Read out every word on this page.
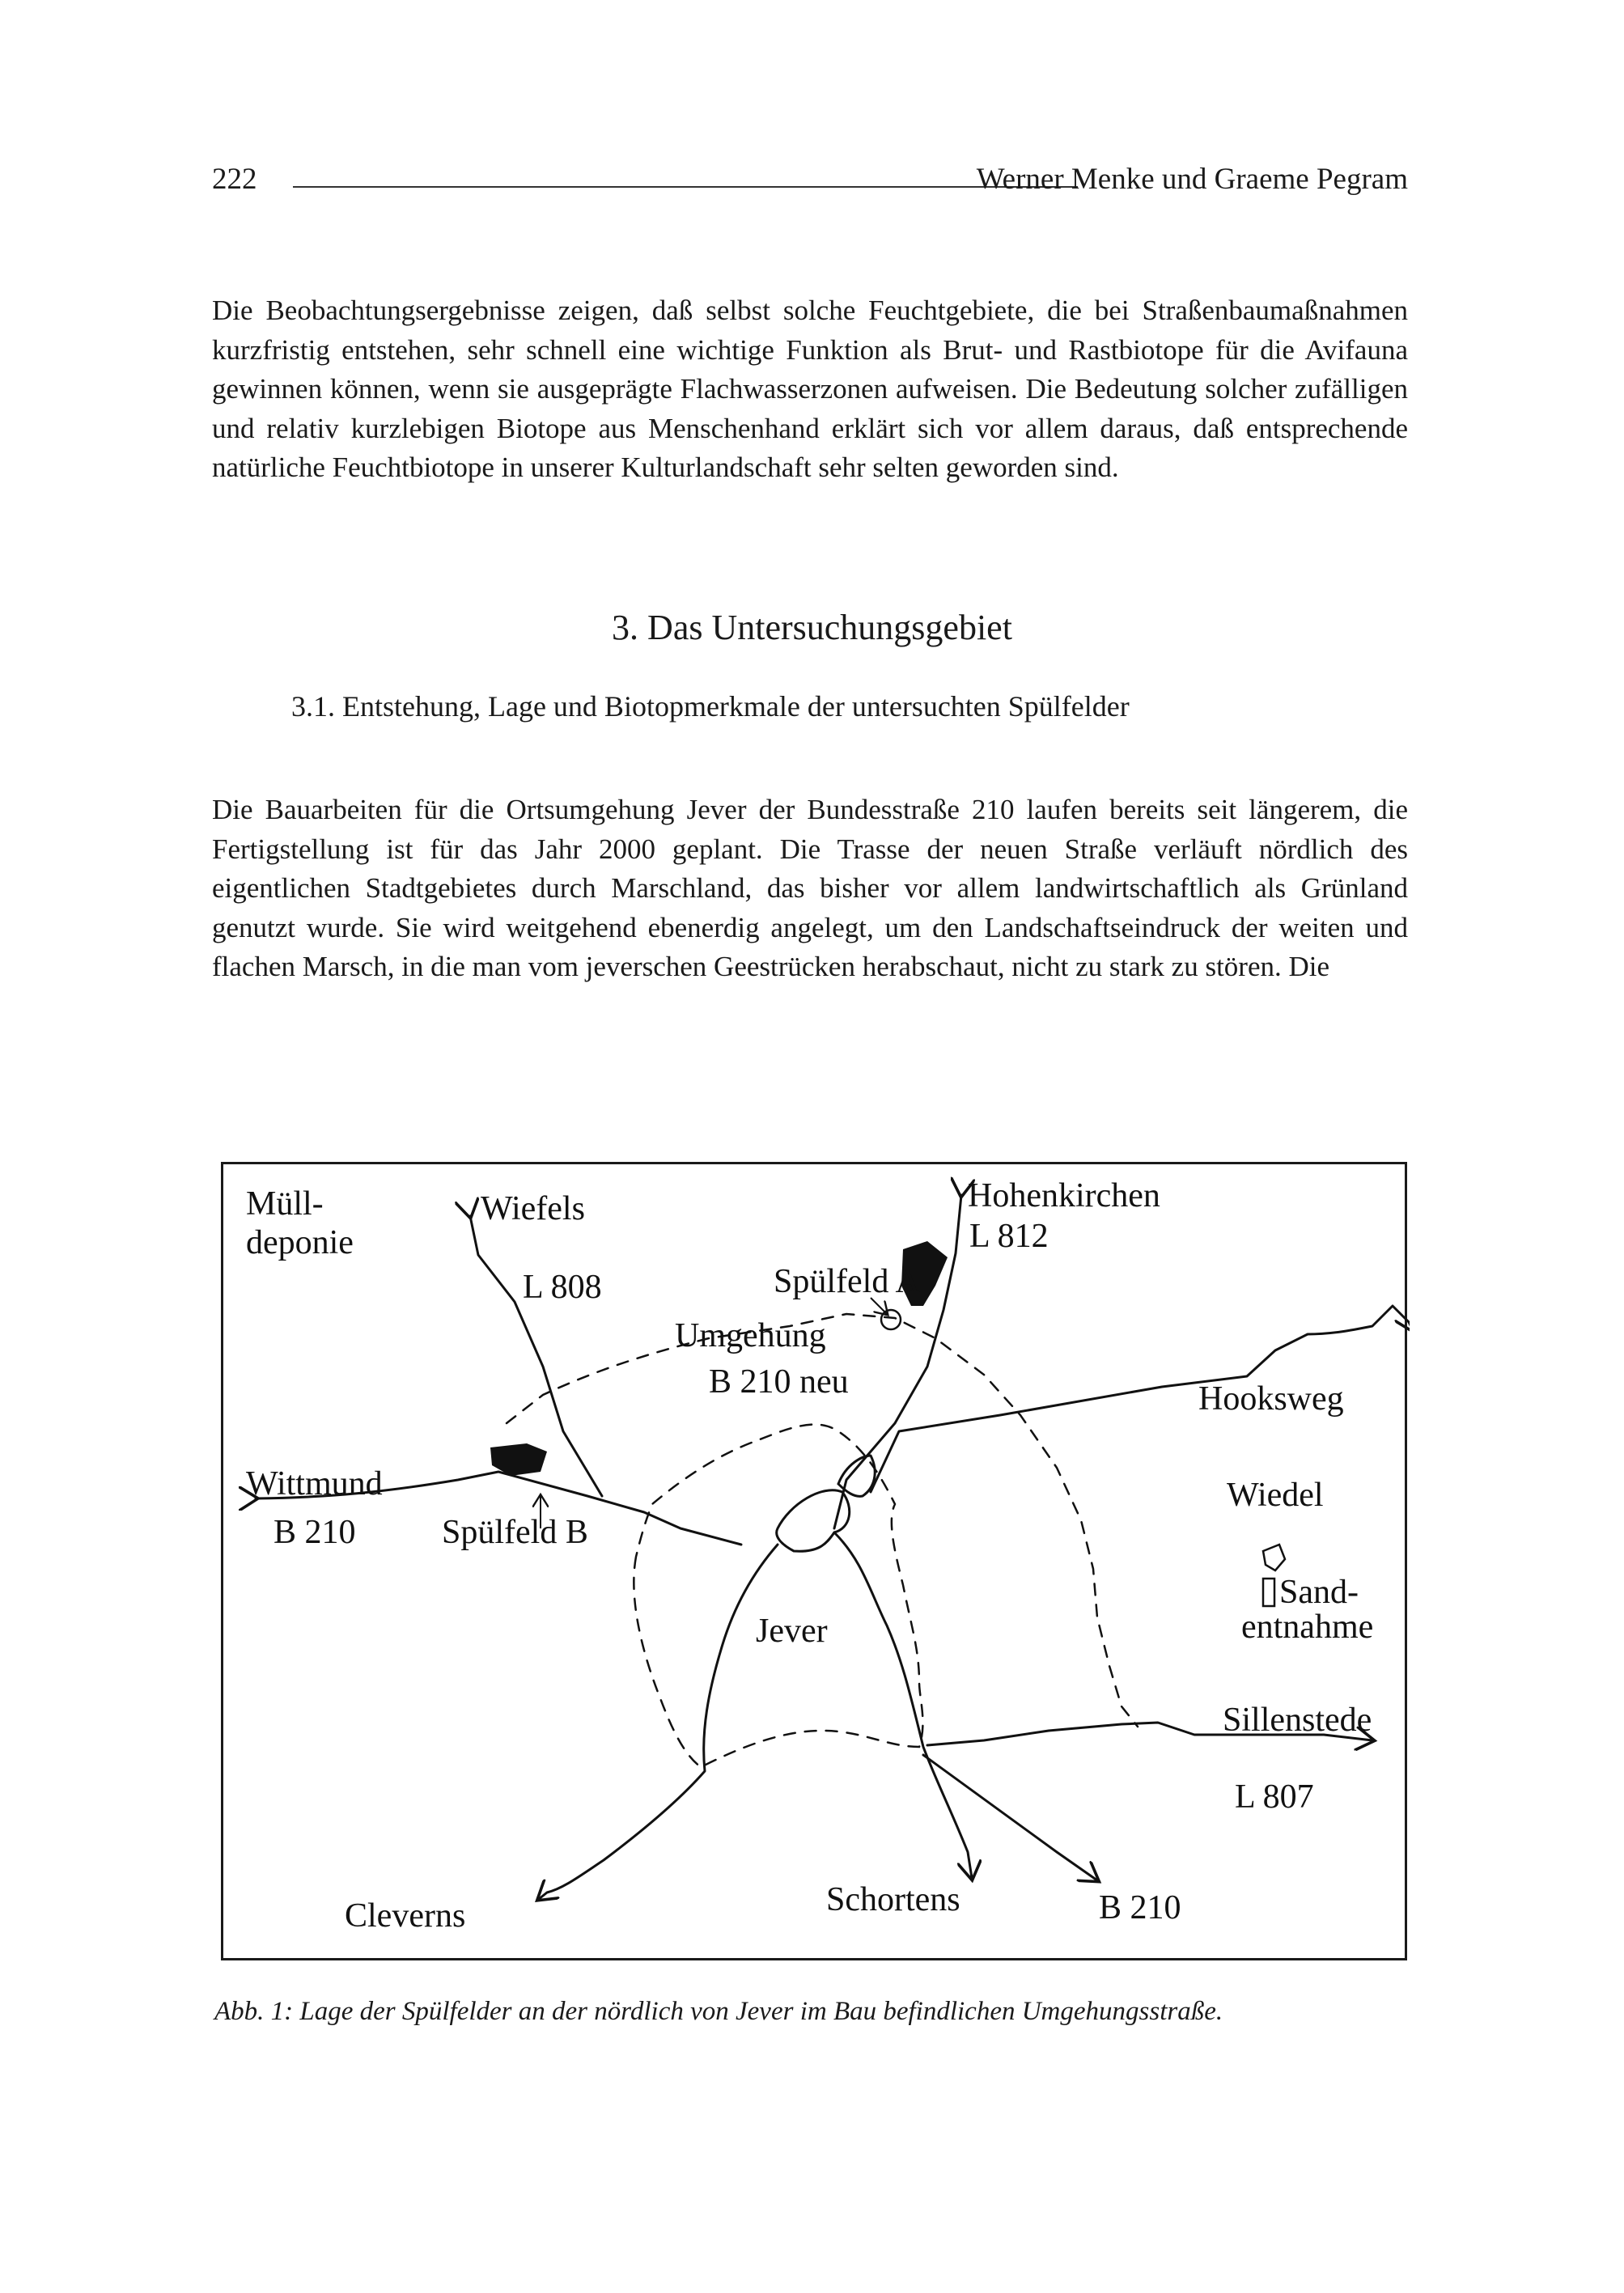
222	Werner Menke und Graeme Pegram

Die Beobachtungsergebnisse zeigen, daß selbst solche Feuchtgebiete, die bei Straßenbaumaßnahmen kurzfristig entstehen, sehr schnell eine wichtige Funktion als Brut- und Rastbiotope für die Avifauna gewinnen können, wenn sie ausgeprägte Flachwasserzonen aufweisen. Die Bedeutung solcher zufälligen und relativ kurzlebigen Biotope aus Menschenhand erklärt sich vor allem daraus, daß entsprechende natürliche Feuchtbiotope in unserer Kulturlandschaft sehr selten geworden sind.

3. Das Untersuchungsgebiet
3.1. Entstehung, Lage und Biotopmerkmale der untersuchten Spülfelder

Die Bauarbeiten für die Ortsumgehung Jever der Bundesstraße 210 laufen bereits seit längerem, die Fertigstellung ist für das Jahr 2000 geplant. Die Trasse der neuen Straße verläuft nördlich des eigentlichen Stadtgebietes durch Marschland, das bisher vor allem landwirtschaftlich als Grünland genutzt wurde. Sie wird weitgehend ebenerdig angelegt, um den Landschaftseindruck der weiten und flachen Marsch, in die man vom jeverschen Geestrücken herabschaut, nicht zu stark zu stören. Die

Müll-
deponie
Wiefels
L 808
Hohenkirchen
L 812
Spülfeld A
Umgehung
B 210 neu	Hooksweg
Wittmund
B 210	Spülfeld B
Wiedel
Sand-
entnahme
Jever
Sillenstede
L 807
Schortens	B 210
Cleverns
Abb. 1: Lage der Spülfelder an der nördlich von Jever im Bau befindlichen Umgehungsstraße.
